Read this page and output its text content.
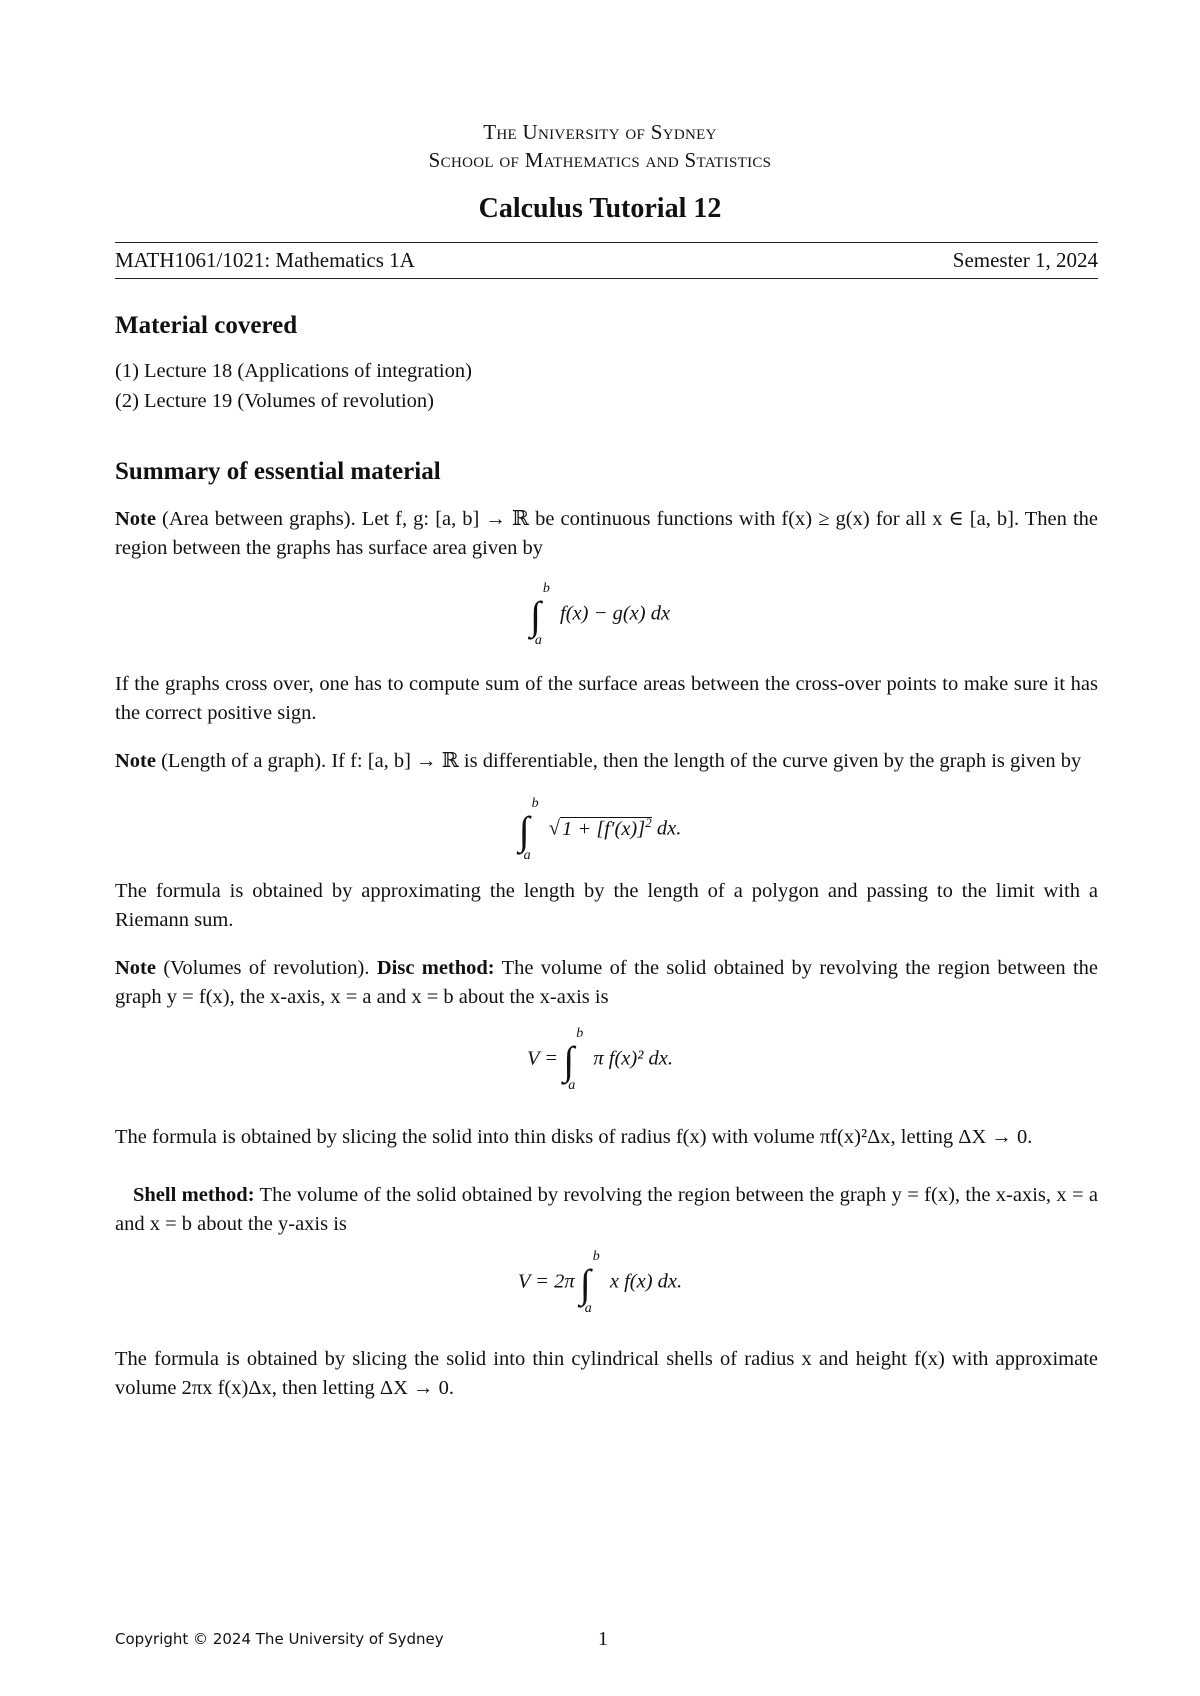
The University of Sydney
School of Mathematics and Statistics
Calculus Tutorial 12
MATH1061/1021: Mathematics 1A	Semester 1, 2024
Material covered
(1) Lecture 18 (Applications of integration)
(2) Lecture 19 (Volumes of revolution)
Summary of essential material
Note (Area between graphs). Let f, g: [a, b] → ℝ be continuous functions with f(x) ≥ g(x) for all x ∈ [a, b]. Then the region between the graphs has surface area given by
∫
b
a
f(x) − g(x) dx
If the graphs cross over, one has to compute sum of the surface areas between the cross-over points to make sure it has the correct positive sign.
Note (Length of a graph). If f: [a, b] → ℝ is differentiable, then the length of the curve given by the graph is given by
∫
b
a
$√1 + [f'(x)]^2$ dx.
The formula is obtained by approximating the length by the length of a polygon and passing to the limit with a Riemann sum.
Note (Volumes of revolution). Disc method: The volume of the solid obtained by revolving the region between the graph y = f(x), the x-axis, x = a and x = b about the x-axis is
V = ∫
b
a
π f(x)² dx.
The formula is obtained by slicing the solid into thin disks of radius f(x) with volume πf(x)²Δx, letting ΔX → 0.
Shell method: The volume of the solid obtained by revolving the region between the graph y = f(x), the x-axis, x = a and x = b about the y-axis is
V = 2π ∫
b
a
x f(x) dx.
The formula is obtained by slicing the solid into thin cylindrical shells of radius x and height f(x) with approximate volume 2πx f(x)Δx, then letting ΔX → 0.
Copyright © 2024 The University of Sydney	1
